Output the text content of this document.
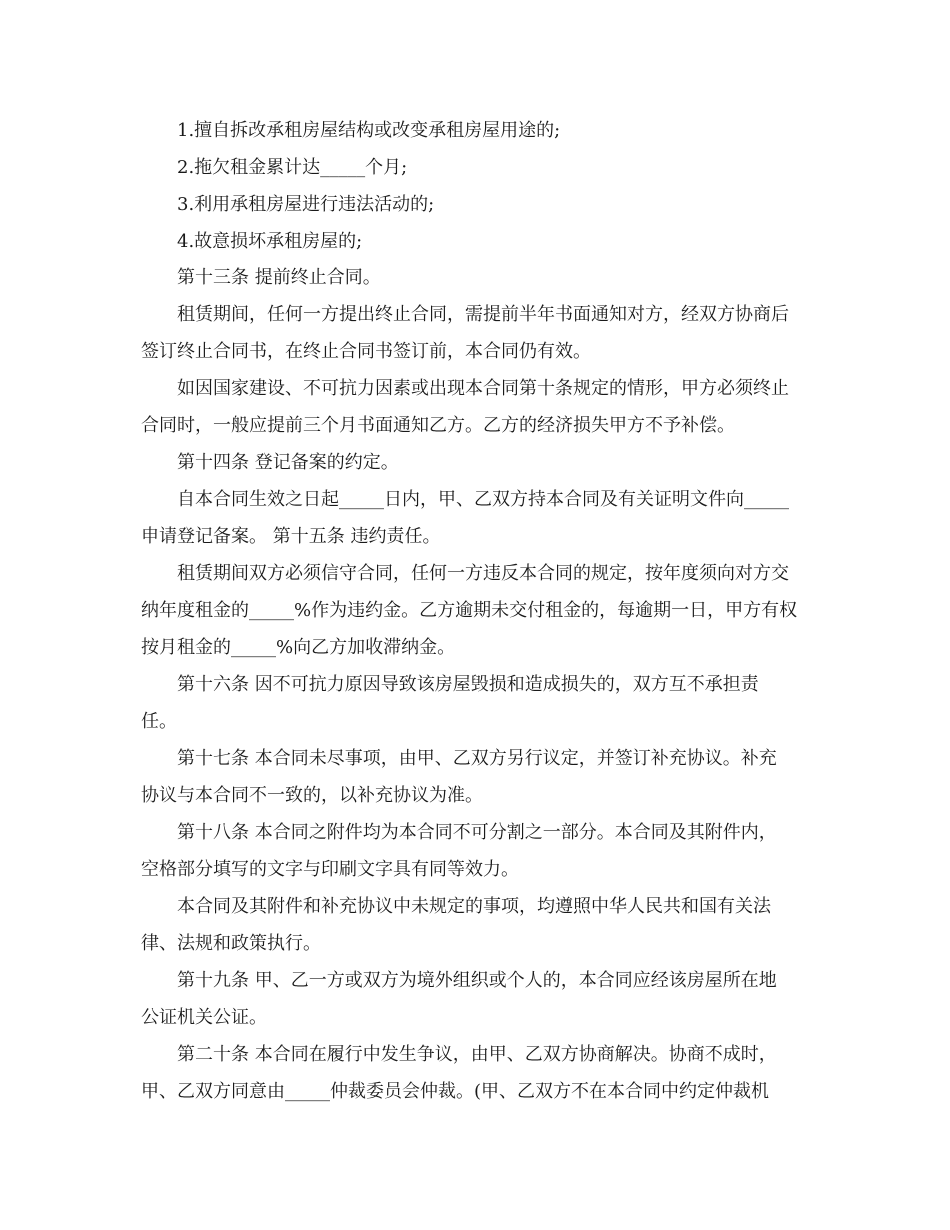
1.擅自拆改承租房屋结构或改变承租房屋用途的;

2.拖欠租金累计达_____个月;

3.利用承租房屋进行违法活动的;

4.故意损坏承租房屋的;

第十三条 提前终止合同。

租赁期间，任何一方提出终止合同，需提前半年书面通知对方，经双方协商后

签订终止合同书，在终止合同书签订前，本合同仍有效。

如因国家建设、不可抗力因素或出现本合同第十条规定的情形，甲方必须终止

合同时，一般应提前三个月书面通知乙方。乙方的经济损失甲方不予补偿。

第十四条 登记备案的约定。

自本合同生效之日起_____日内，甲、乙双方持本合同及有关证明文件向_____

申请登记备案。 第十五条 违约责任。

租赁期间双方必须信守合同，任何一方违反本合同的规定，按年度须向对方交

纳年度租金的_____%作为违约金。乙方逾期未交付租金的，每逾期一日，甲方有权

按月租金的_____%向乙方加收滞纳金。

第十六条 因不可抗力原因导致该房屋毁损和造成损失的，双方互不承担责

任。

第十七条 本合同未尽事项，由甲、乙双方另行议定，并签订补充协议。补充

协议与本合同不一致的，以补充协议为准。

第十八条 本合同之附件均为本合同不可分割之一部分。本合同及其附件内，

空格部分填写的文字与印刷文字具有同等效力。

本合同及其附件和补充协议中未规定的事项，均遵照中华人民共和国有关法

律、法规和政策执行。

第十九条 甲、乙一方或双方为境外组织或个人的，本合同应经该房屋所在地

公证机关公证。

第二十条 本合同在履行中发生争议，由甲、乙双方协商解决。协商不成时，

甲、乙双方同意由_____仲裁委员会仲裁。(甲、乙双方不在本合同中约定仲裁机
